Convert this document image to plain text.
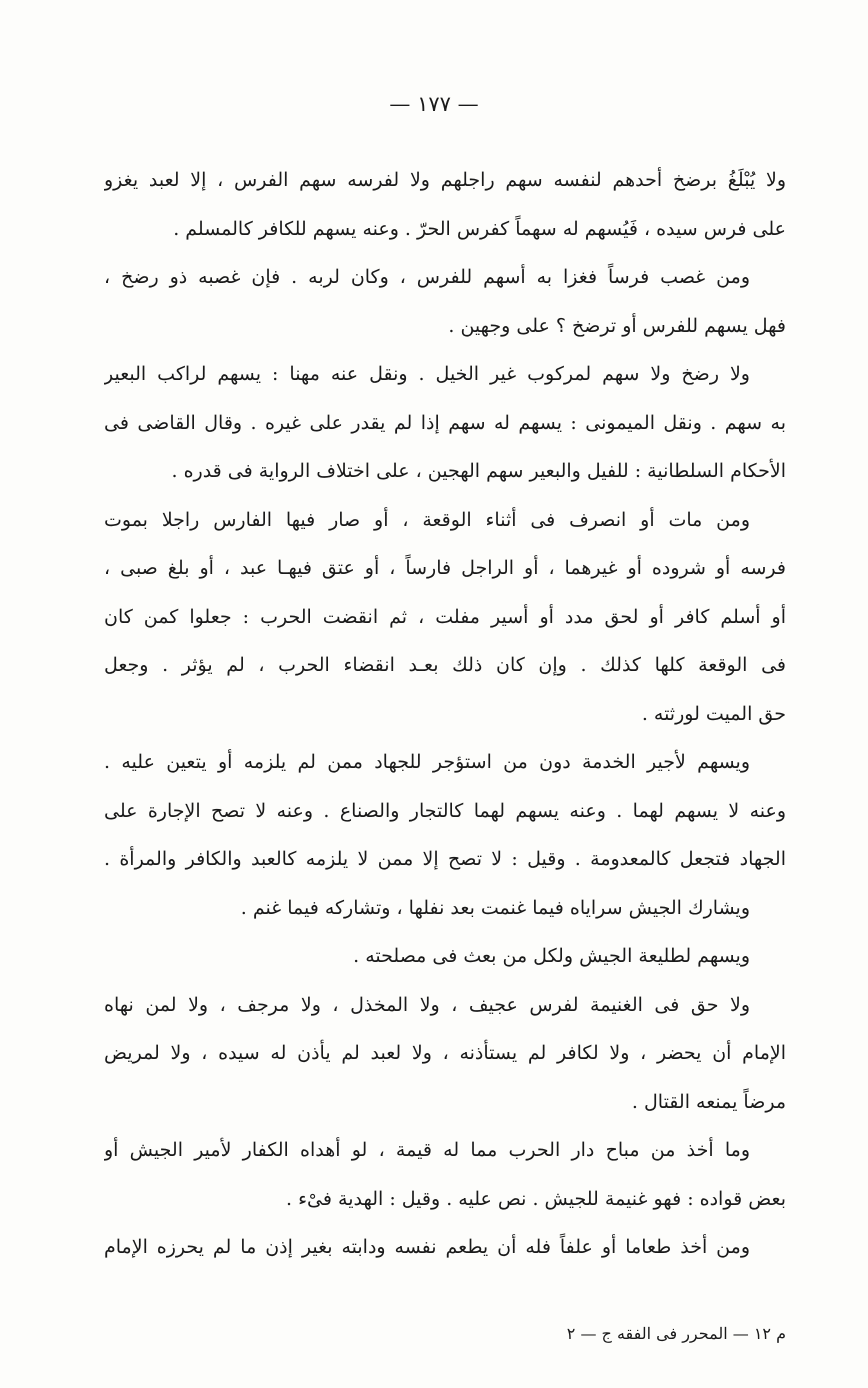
— ١٧٧ —
ولا يُبْلَغُ برضخ أحدهم لنفسه سهم راجلهم ولا لفرسه سهم الفرس ، إلا لعبد يغزو
على فرس سيده ، فَيُسهم له سهماً كفرس الحرّ . وعنه يسهم للكافر كالمسلم .
ومن غصب فرساً فغزا به أسهم للفرس ، وكان لربه . فإن غصبه ذو رضخ ،
فهل يسهم للفرس أو ترضخ ؟ على وجهين .
ولا رضخ ولا سهم لمركوب غير الخيل . ونقل عنه مهنا : يسهم لراكب البعير
به سهم . ونقل الميمونى : يسهم له سهم إذا لم يقدر على غيره . وقال القاضى فى
الأحكام السلطانية : للفيل والبعير سهم الهجين ، على اختلاف الرواية فى قدره .
ومن مات أو انصرف فى أثناء الوقعة ، أو صار فيها الفارس راجلا بموت
فرسه أو شروده أو غيرهما ، أو الراجل فارساً ، أو عتق فيهـا عبد ، أو بلغ صبى ،
أو أسلم كافر أو لحق مدد أو أسير مفلت ، ثم انقضت الحرب : جعلوا كمن كان
فى الوقعة كلها كذلك . وإن كان ذلك بعـد انقضاء الحرب ، لم يؤثر . وجعل
حق الميت لورثته .
ويسهم لأجير الخدمة دون من استؤجر للجهاد ممن لم يلزمه أو يتعين عليه .
وعنه لا يسهم لهما . وعنه يسهم لهما كالتجار والصناع . وعنه لا تصح الإجارة على
الجهاد فتجعل كالمعدومة . وقيل : لا تصح إلا ممن لا يلزمه كالعبد والكافر والمرأة .
ويشارك الجيش سراياه فيما غنمت بعد نفلها ، وتشاركه فيما غنم .
ويسهم لطليعة الجيش ولكل من بعث فى مصلحته .
ولا حق فى الغنيمة لفرس عجيف ، ولا المخذل ، ولا مرجف ، ولا لمن نهاه
الإمام أن يحضر ، ولا لكافر لم يستأذنه ، ولا لعبد لم يأذن له سيده ، ولا لمريض
مرضاً يمنعه القتال .
وما أخذ من مباح دار الحرب مما له قيمة ، لو أهداه الكفار لأمير الجيش أو
بعض قواده : فهو غنيمة للجيش . نص عليه . وقيل : الهدية فىْء .
ومن أخذ طعاما أو علفاً فله أن يطعم نفسه ودابته بغير إذن ما لم يحرزه الإمام
م ١٢ — المحرر فى الفقه ج — ٢
